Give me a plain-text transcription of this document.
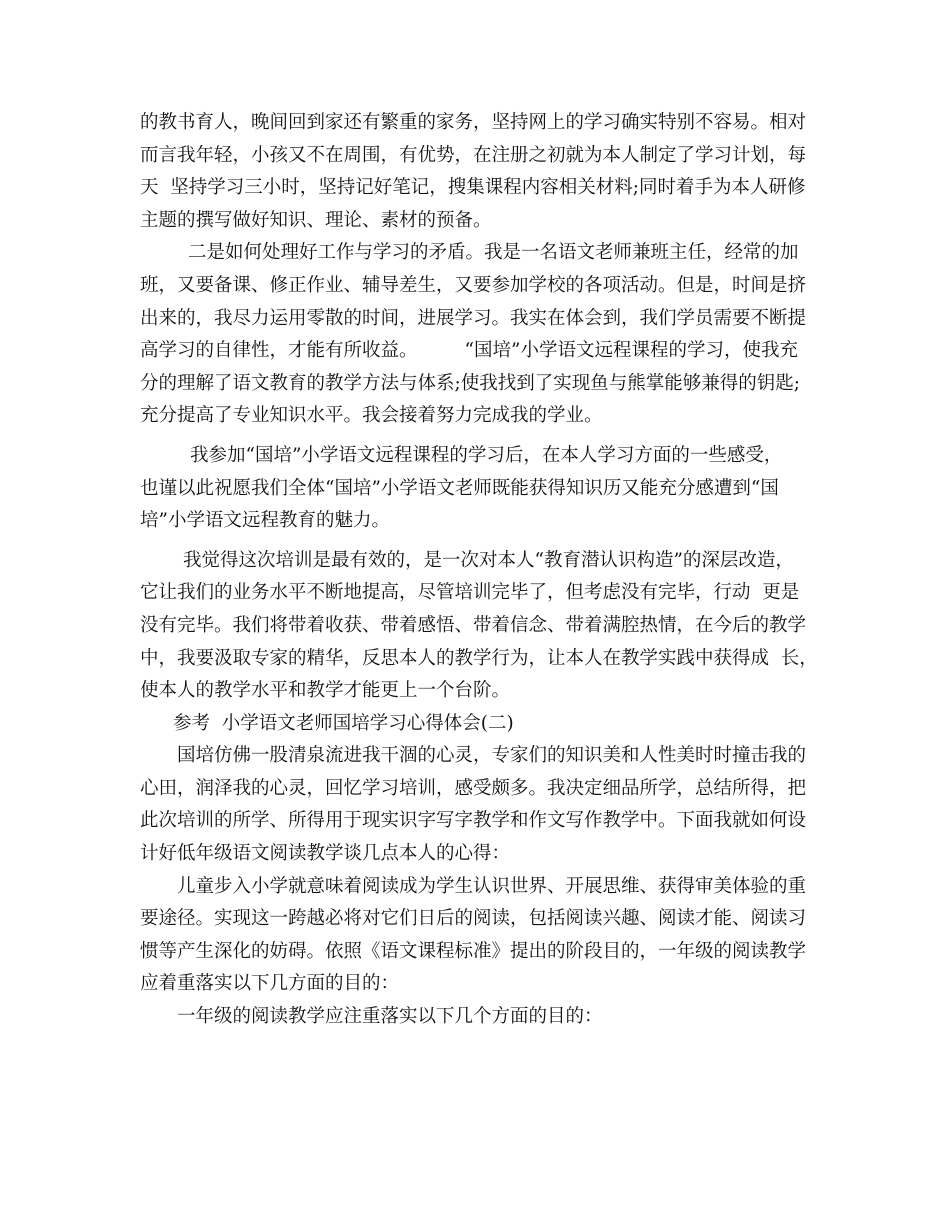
的教书育人，晚间回到家还有繁重的家务，坚持网上的学习确实特别不容易。相对
而言我年轻，小孩又不在周围，有优势，在注册之初就为本人制定了学习计划，每
天  坚持学习三小时，坚持记好笔记，搜集课程内容相关材料;同时着手为本人研修
主题的撰写做好知识、理论、素材的预备。
二是如何处理好工作与学习的矛盾。我是一名语文老师兼班主任，经常的加
班，又要备课、修正作业、辅导差生，又要参加学校的各项活动。但是，时间是挤
出来的，我尽力运用零散的时间，进展学习。我实在体会到，我们学员需要不断提
高学习的自律性，才能有所收益。        “国培”小学语文远程课程的学习，使我充
分的理解了语文教育的教学方法与体系;使我找到了实现鱼与熊掌能够兼得的钥匙;
充分提高了专业知识水平。我会接着努力完成我的学业。
我参加“国培”小学语文远程课程的学习后，在本人学习方面的一些感受，
也谨以此祝愿我们全体“国培”小学语文老师既能获得知识历又能充分感遭到“国
培”小学语文远程教育的魅力。
我觉得这次培训是最有效的，是一次对本人“教育潜认识构造”的深层改造，
它让我们的业务水平不断地提高，尽管培训完毕了，但考虑没有完毕，行动  更是
没有完毕。我们将带着收获、带着感悟、带着信念、带着满腔热情，在今后的教学
中，我要汲取专家的精华，反思本人的教学行为，让本人在教学实践中获得成  长，
使本人的教学水平和教学才能更上一个台阶。
参考  小学语文老师国培学习心得体会(二)
国培仿佛一股清泉流进我干涸的心灵，专家们的知识美和人性美时时撞击我的
心田，润泽我的心灵，回忆学习培训，感受颇多。我决定细品所学，总结所得，把
此次培训的所学、所得用于现实识字写字教学和作文写作教学中。下面我就如何设
计好低年级语文阅读教学谈几点本人的心得：
儿童步入小学就意味着阅读成为学生认识世界、开展思维、获得审美体验的重
要途径。实现这一跨越必将对它们日后的阅读，包括阅读兴趣、阅读才能、阅读习
惯等产生深化的妨碍。依照《语文课程标准》提出的阶段目的，一年级的阅读教学
应着重落实以下几方面的目的：
一年级的阅读教学应注重落实以下几个方面的目的：
